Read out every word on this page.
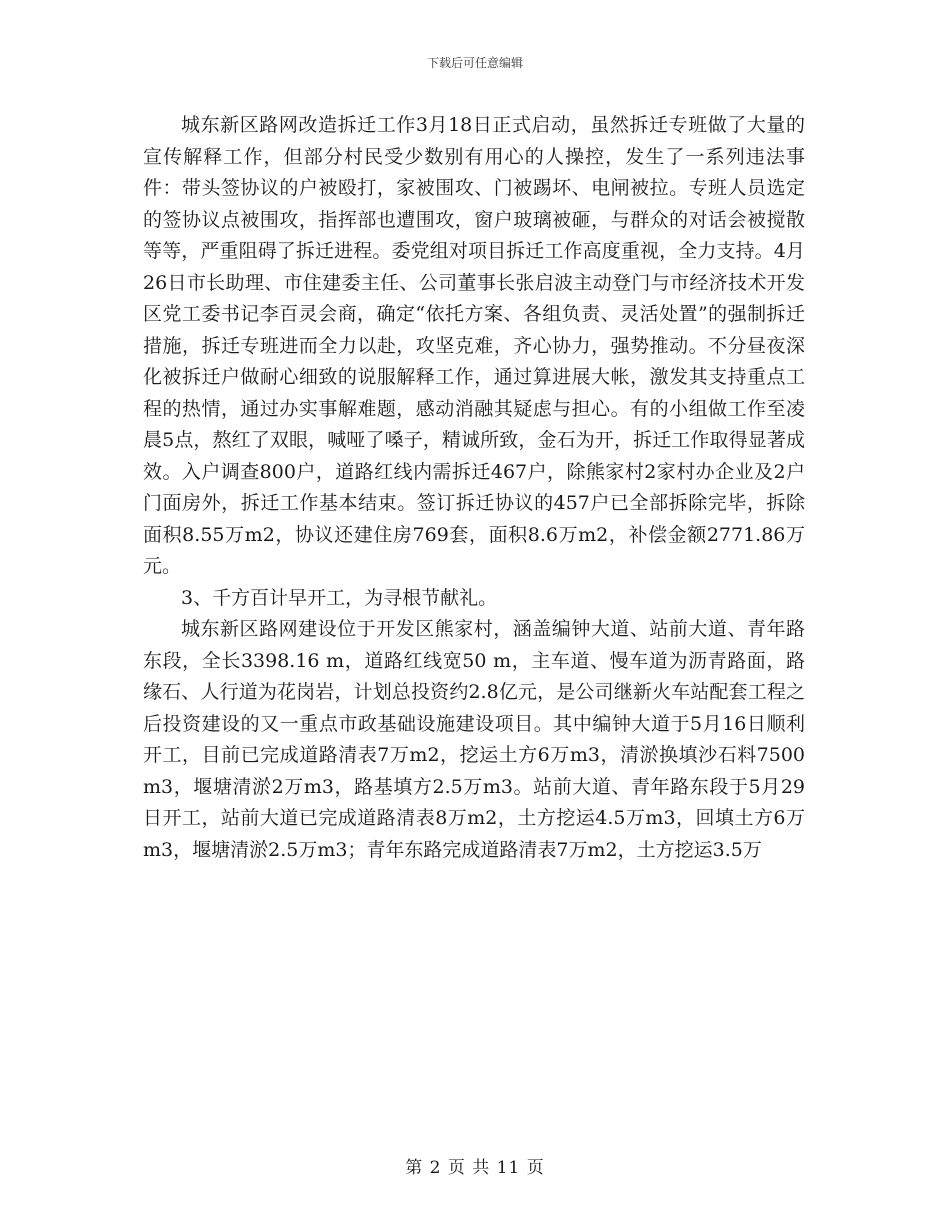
下载后可任意编辑

城东新区路网改造拆迁工作3月18日正式启动，虽然拆迁专班做了大量的宣传解释工作，但部分村民受少数别有用心的人操控，发生了一系列违法事件：带头签协议的户被殴打，家被围攻、门被踢坏、电闸被拉。专班人员选定的签协议点被围攻，指挥部也遭围攻，窗户玻璃被砸，与群众的对话会被搅散等等，严重阻碍了拆迁进程。委党组对项目拆迁工作高度重视，全力支持。4月26日市长助理、市住建委主任、公司董事长张启波主动登门与市经济技术开发区党工委书记李百灵会商，确定“依托方案、各组负责、灵活处置”的强制拆迁措施，拆迁专班进而全力以赴，攻坚克难，齐心协力，强势推动。不分昼夜深化被拆迁户做耐心细致的说服解释工作，通过算进展大帐，激发其支持重点工程的热情，通过办实事解难题，感动消融其疑虑与担心。有的小组做工作至凌晨5点，熬红了双眼，喊哑了嗓子，精诚所致，金石为开，拆迁工作取得显著成效。入户调查800户，道路红线内需拆迁467户，除熊家村2家村办企业及2户门面房外，拆迁工作基本结束。签订拆迁协议的457户已全部拆除完毕，拆除面积8.55万m2，协议还建住房769套，面积8.6万m2，补偿金额2771.86万元。

3、千方百计早开工，为寻根节献礼。

城东新区路网建设位于开发区熊家村，涵盖编钟大道、站前大道、青年路东段，全长3398.16 m，道路红线宽50 m，主车道、慢车道为沥青路面，路缘石、人行道为花岗岩，计划总投资约2.8亿元，是公司继新火车站配套工程之后投资建设的又一重点市政基础设施建设项目。其中编钟大道于5月16日顺利开工，目前已完成道路清表7万m2，挖运土方6万m3，清淤换填沙石料7500 m3，堰塘清淤2万m3，路基填方2.5万m3。站前大道、青年路东段于5月29日开工，站前大道已完成道路清表8万m2，土方挖运4.5万m3，回填土方6万 m3，堰塘清淤2.5万m3；青年东路完成道路清表7万m2，土方挖运3.5万

第 2 页 共 11 页
